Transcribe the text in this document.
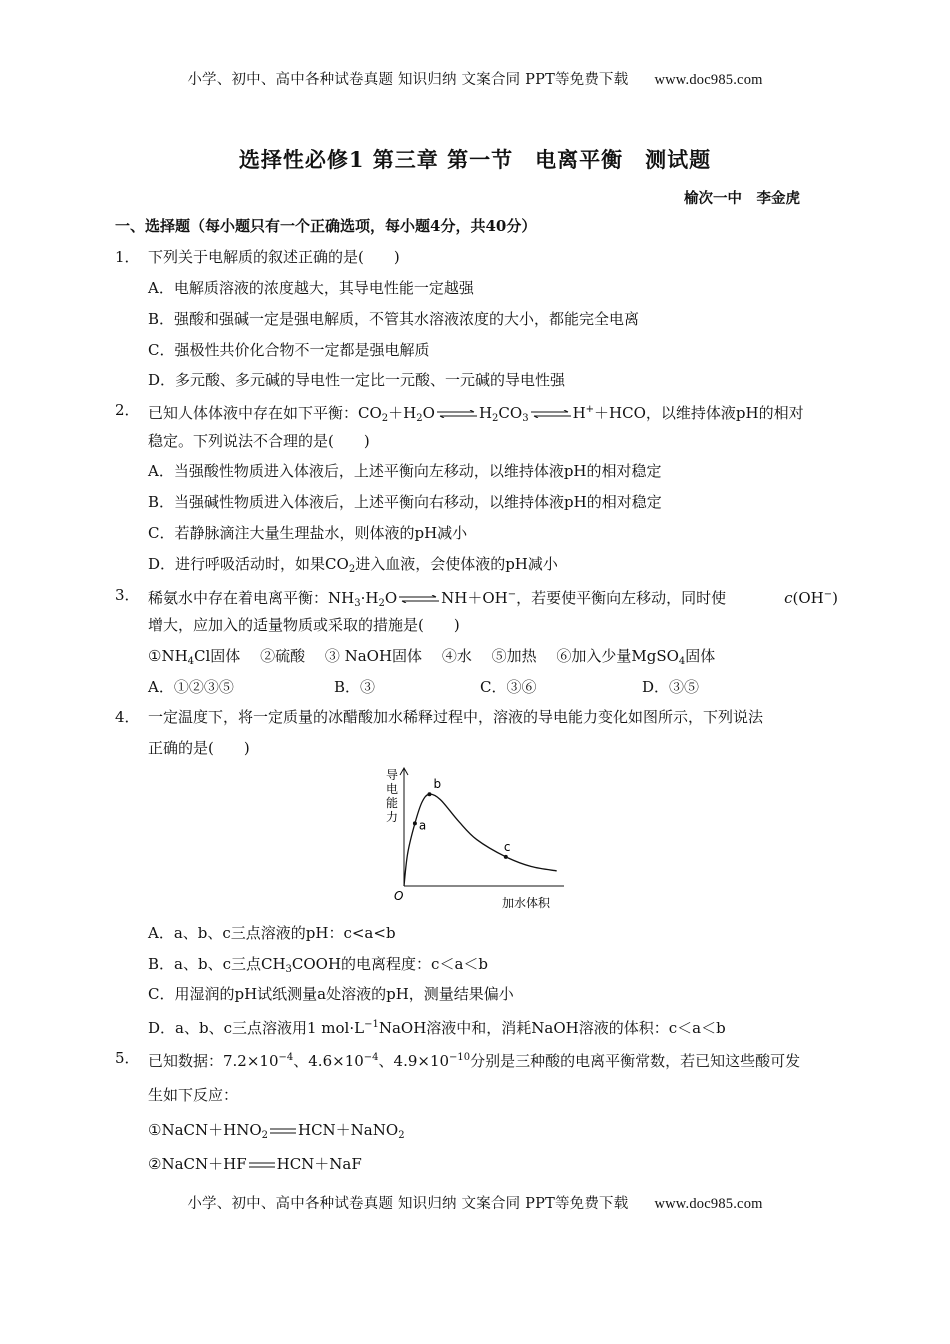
小学、初中、高中各种试卷真题 知识归纳 文案合同 PPT等免费下载 www.doc985.com
选择性必修1 第三章 第一节　电离平衡　测试题
榆次一中　李金虎
一、选择题（每小题只有一个正确选项，每小题4分，共40分）
1． 下列关于电解质的叙述正确的是(　　)
A．电解质溶液的浓度越大，其导电性能一定越强
B．强酸和强碱一定是强电解质，不管其水溶液浓度的大小，都能完全电离
C．强极性共价化合物不一定都是强电解质
D．多元酸、多元碱的导电性一定比一元酸、一元碱的导电性强
2． 已知人体体液中存在如下平衡：$CO_2+H_2O\rightleftharpoons H_2CO_3\rightleftharpoons H^++HCO$，以维持体液pH的相对
稳定。下列说法不合理的是(　　)
A．当强酸性物质进入体液后，上述平衡向左移动，以维持体液pH的相对稳定
B．当强碱性物质进入体液后，上述平衡向右移动，以维持体液pH的相对稳定
C．若静脉滴注大量生理盐水，则体液的pH减小
D．进行呼吸活动时，如果$CO_2$进入血液，会使体液的pH减小
3． 稀氨水中存在着电离平衡：$NH_3\cdot H_2O\rightleftharpoons NH+OH^-$，若要使平衡向左移动，同时使	c(OH−)
增大，应加入的适量物质或采取的措施是(　　)
$①NH_4Cl$固体　 ②硫酸　 ③ NaOH固体　 ④水　 ⑤加热　 ⑥加入少量MgSO$_4$固体
A．①②③⑤	B．③	C．③⑥	D．③⑤
4． 一定温度下，将一定质量的冰醋酸加水稀释过程中，溶液的导电能力变化如图所示，下列说法
正确的是(　　)
导电能力
加水体积
O
a
b
c
A．a、b、c三点溶液的pH：c<a<b
B．a、b、c三点$CH_3COOH$的电离程度：c＜a＜b
C．用湿润的pH试纸测量a处溶液的pH，测量结果偏小
D．a、b、c三点溶液用1 $mol\cdot L^{-1}NaOH$溶液中和，消耗NaOH溶液的体积：c＜a＜b
5． 已知数据：$7.2\times 10^{-4}$、$4.6\times 10^{-4}$、$4.9\times 10^{-10}$分别是三种酸的电离平衡常数，若已知这些酸可发
生如下反应：
$①NaCN+HNO_2$ HCN＋NaNO$_2$
②NaCN＋HF HCN＋NaF
小学、初中、高中各种试卷真题 知识归纳 文案合同 PPT等免费下载 www.doc985.com
